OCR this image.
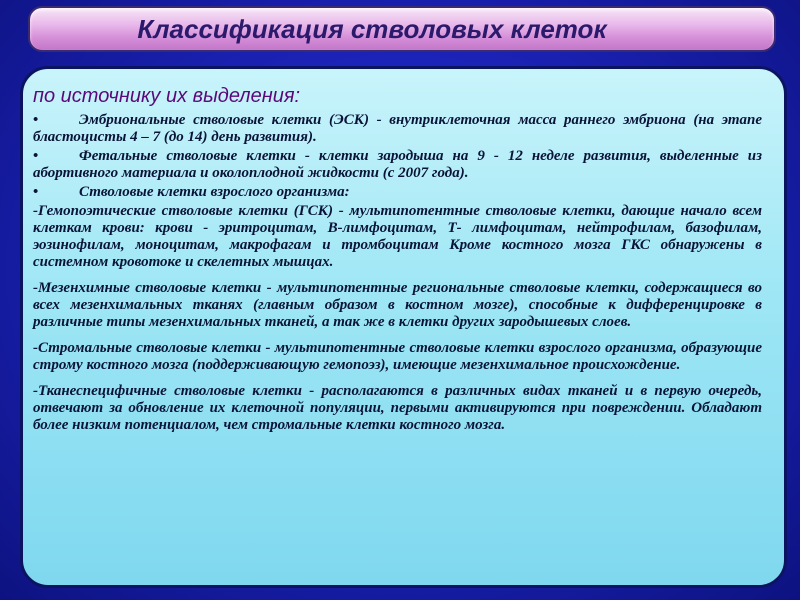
Классификация стволовых клеток
по источнику их выделения:

•	Эмбриональные стволовые клетки (ЭСК) - внутриклеточная масса раннего эмбриона (на этапе бластоцисты 4 – 7 (до 14) день развития).

•	Фетальные стволовые клетки - клетки зародыша на 9 - 12 неделе развития, выделенные из абортивного материала и околоплодной жидкости (с 2007 года).

•	Стволовые клетки взрослого организма:

-Гемопоэтические стволовые клетки (ГСК) - мультипотентные стволовые клетки, дающие начало всем клеткам крови: крови - эритроцитам, В-лимфоцитам, Т- лимфоцитам, нейтрофилам, базофилам, эозинофилам, моноцитам, макрофагам и тромбоцитам Кроме костного мозга ГКС обнаружены в системном кровотоке и скелетных мышцах.

-Мезенхимные стволовые клетки - мультипотентные региональные стволовые клетки, содержащиеся во всех мезенхимальных тканях (главным образом в костном мозге), способные к дифференцировке в различные типы мезенхимальных тканей, а так же в клетки других зародышевых слоев.

-Стромальные стволовые клетки - мультипотентные стволовые клетки взрослого организма, образующие строму костного мозга (поддерживающую гемопоэз), имеющие мезенхимальное происхождение.

-Тканеспецифичные стволовые клетки - располагаются в различных видах тканей и в первую очередь, отвечают за обновление их клеточной популяции, первыми активируются при повреждении. Обладают более низким потенциалом, чем стромальные клетки костного мозга.
